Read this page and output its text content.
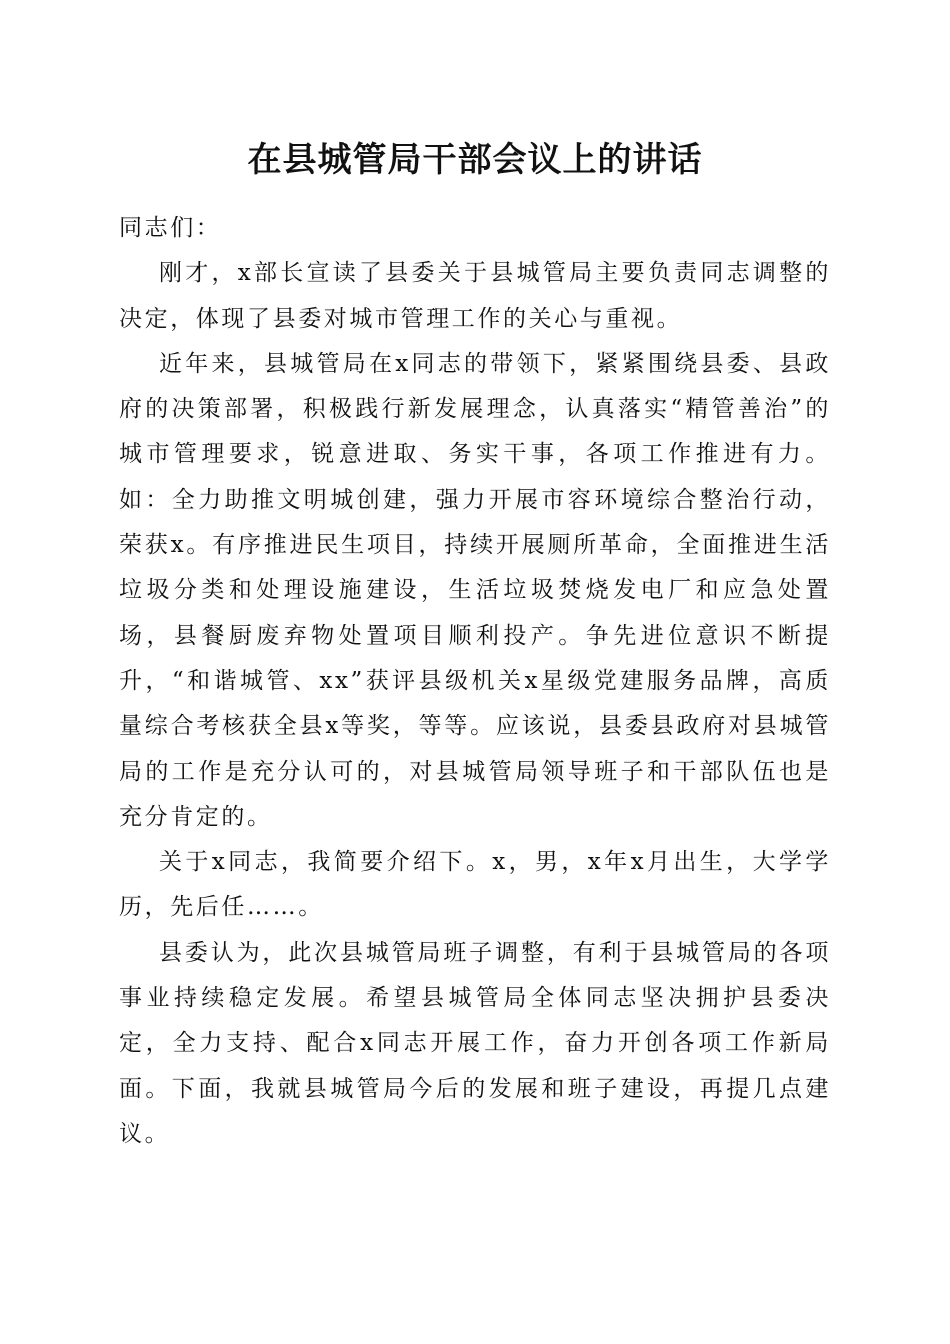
在县城管局干部会议上的讲话

同志们：

刚才，x部长宣读了县委关于县城管局主要负责同志调整的决定，体现了县委对城市管理工作的关心与重视。

近年来，县城管局在x同志的带领下，紧紧围绕县委、县政府的决策部署，积极践行新发展理念，认真落实“精管善治”的城市管理要求，锐意进取、务实干事，各项工作推进有力。如：全力助推文明城创建，强力开展市容环境综合整治行动，荣获x。有序推进民生项目，持续开展厕所革命，全面推进生活垃圾分类和处理设施建设，生活垃圾焚烧发电厂和应急处置场，县餐厨废弃物处置项目顺利投产。争先进位意识不断提升，“和谐城管、xx”获评县级机关x星级党建服务品牌，高质量综合考核获全县x等奖，等等。应该说，县委县政府对县城管局的工作是充分认可的，对县城管局领导班子和干部队伍也是充分肯定的。

关于x同志，我简要介绍下。x，男，x年x月出生，大学学历，先后任……。

县委认为，此次县城管局班子调整，有利于县城管局的各项事业持续稳定发展。希望县城管局全体同志坚决拥护县委决定，全力支持、配合x同志开展工作，奋力开创各项工作新局面。下面，我就县城管局今后的发展和班子建设，再提几点建议。
